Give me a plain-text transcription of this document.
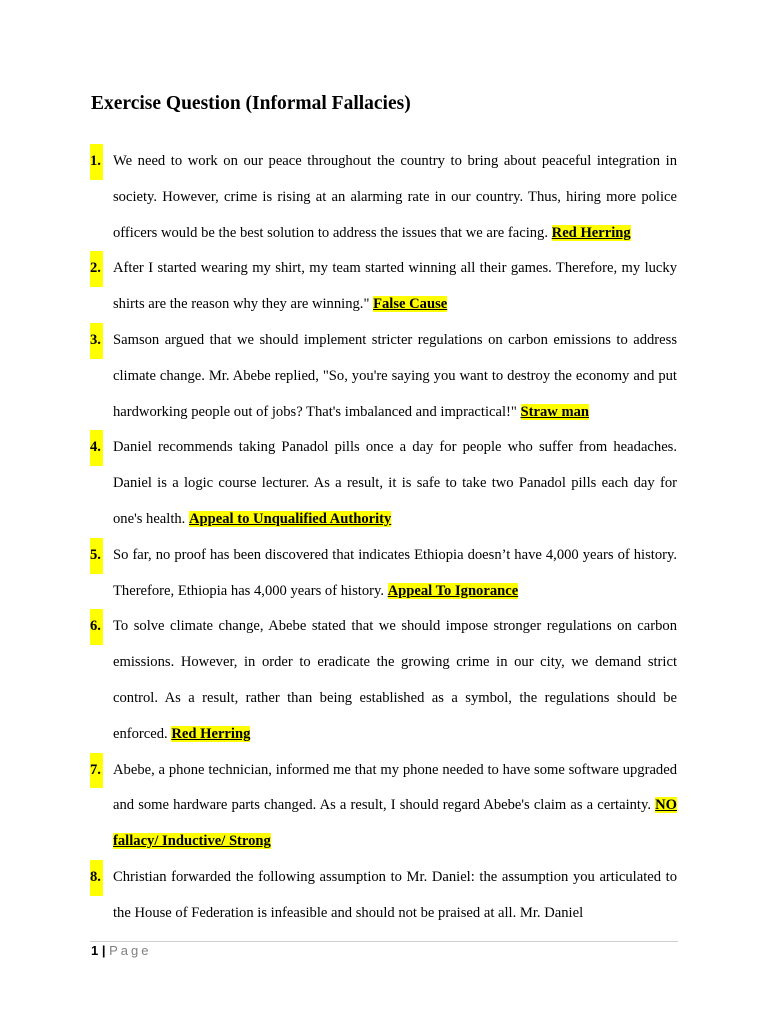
Exercise Question (Informal Fallacies)
1. We need to work on our peace throughout the country to bring about peaceful integration in society. However, crime is rising at an alarming rate in our country. Thus, hiring more police officers would be the best solution to address the issues that we are facing. Red Herring
2. After I started wearing my shirt, my team started winning all their games. Therefore, my lucky shirts are the reason why they are winning." False Cause
3. Samson argued that we should implement stricter regulations on carbon emissions to address climate change. Mr. Abebe replied, "So, you're saying you want to destroy the economy and put hardworking people out of jobs? That's imbalanced and impractical!" Straw man
4. Daniel recommends taking Panadol pills once a day for people who suffer from headaches. Daniel is a logic course lecturer. As a result, it is safe to take two Panadol pills each day for one's health. Appeal to Unqualified Authority
5. So far, no proof has been discovered that indicates Ethiopia doesn’t have 4,000 years of history. Therefore, Ethiopia has 4,000 years of history. Appeal To Ignorance
6. To solve climate change, Abebe stated that we should impose stronger regulations on carbon emissions. However, in order to eradicate the growing crime in our city, we demand strict control. As a result, rather than being established as a symbol, the regulations should be enforced. Red Herring
7. Abebe, a phone technician, informed me that my phone needed to have some software upgraded and some hardware parts changed. As a result, I should regard Abebe's claim as a certainty. NO fallacy/ Inductive/ Strong
8. Christian forwarded the following assumption to Mr. Daniel: the assumption you articulated to the House of Federation is infeasible and should not be praised at all. Mr. Daniel
1 | Page
